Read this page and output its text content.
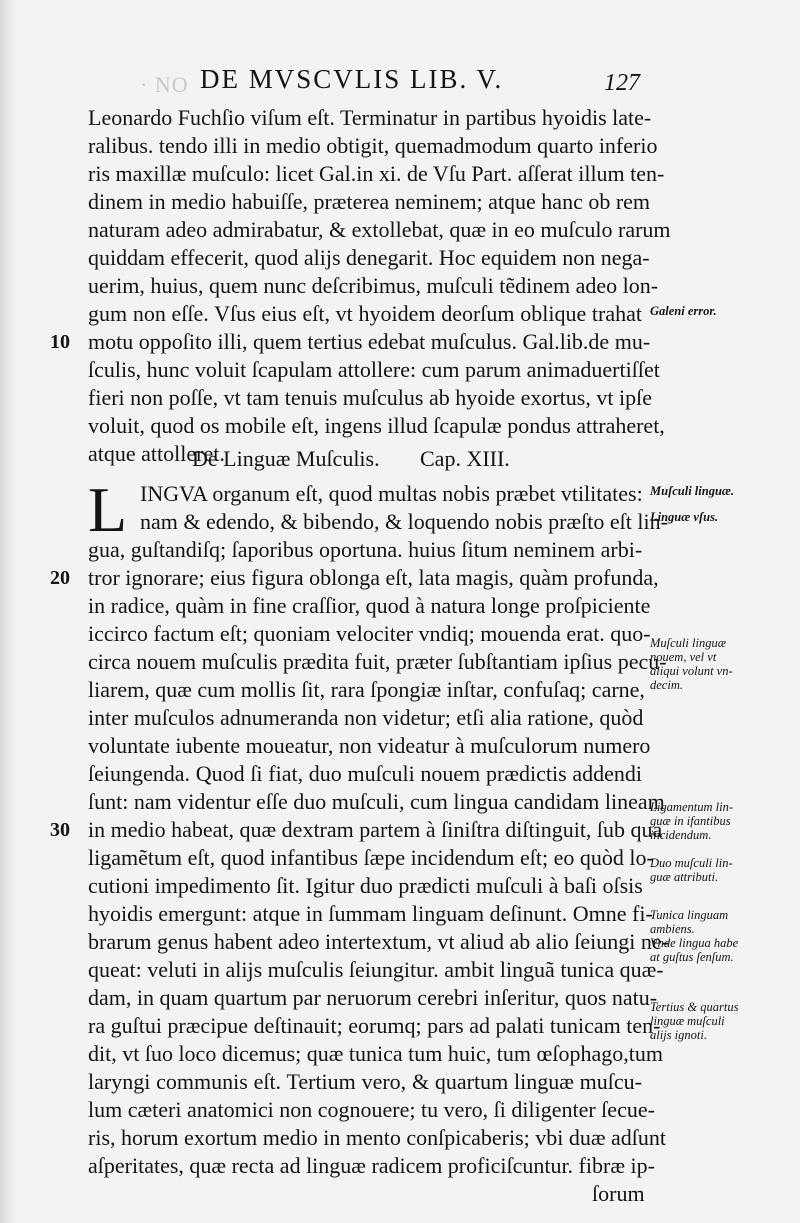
· NO DE MVSCVLIS LIB. V.	127
Leonardo Fuchſio viſum eſt. Terminatur in partibus hyoidis late-
ralibus. tendo illi in medio obtigit, quemadmodum quarto inferio
ris maxillæ muſculo: licet Gal.in xi. de Vſu Part. aſſerat illum ten-
dinem in medio habuiſſe, præterea neminem; atque hanc ob rem
naturam adeo admirabatur, & extollebat, quæ in eo muſculo rarum
quiddam effecerit, quod alijs denegarit. Hoc equidem non nega-
uerim, huius, quem nunc deſcribimus, muſculi tẽdinem adeo lon-
gum non eſſe. Vſus eius eſt, vt hyoidem deorſum oblique trahat
motu oppoſito illi, quem tertius edebat muſculus. Gal.lib.de mu-
ſculis, hunc voluit ſcapulam attollere: cum parum animaduertiſſet
fieri non poſſe, vt tam tenuis muſculus ab hyoide exortus, vt ipſe
voluit, quod os mobile eſt, ingens illud ſcapulæ pondus attraheret,
atque attolleret.
De Linguæ Muſculis. Cap. XIII.
L INGVA organum eſt, quod multas nobis præbet vtilitates:
nam & edendo, & bibendo, & loquendo nobis præſto eſt lin-
gua, guſtandiſq; ſaporibus oportuna. huius ſitum neminem arbi-
tror ignorare; eius figura oblonga eſt, lata magis, quàm profunda,
in radice, quàm in fine craſſior, quod à natura longe proſpiciente
iccirco factum eſt; quoniam velociter vndiq; mouenda erat. quo-
circa nouem muſculis prædita fuit, præter ſubſtantiam ipſius pecu-
liarem, quæ cum mollis ſit, rara ſpongiæ inſtar, confuſaq; carne,
inter muſculos adnumeranda non videtur; etſi alia ratione, quòd
voluntate iubente moueatur, non videatur à muſculorum numero
ſeiungenda. Quod ſi fiat, duo muſculi nouem prædictis addendi
ſunt: nam videntur eſſe duo muſculi, cum lingua candidam lineam
in medio habeat, quæ dextram partem à ſiniſtra diſtinguit, ſub qua
ligamẽtum eſt, quod infantibus ſæpe incidendum eſt; eo quòd lo-
cutioni impedimento ſit. Igitur duo prædicti muſculi à baſi oſsis
hyoidis emergunt: atque in ſummam linguam deſinunt. Omne fi-
brarum genus habent adeo intertextum, vt aliud ab alio ſeiungi ne-
queat: veluti in alijs muſculis ſeiungitur. ambit linguã tunica quæ-
dam, in quam quartum par neruorum cerebri inſeritur, quos natu-
ra guſtui præcipue deſtinauit; eorumq; pars ad palati tunicam ten-
dit, vt ſuo loco dicemus; quæ tunica tum huic, tum œſophago,tum
laryngi communis eſt. Tertium vero, & quartum linguæ muſcu-
lum cæteri anatomici non cognouere; tu vero, ſi diligenter ſecue-
ris, horum exortum medio in mento conſpicaberis; vbi duæ adſunt
aſperitates, quæ recta ad linguæ radicem proficiſcuntur. fibræ ip-
ſorum
10
20
30
Galeni error.
Muſculi linguæ.
Linguæ vſus.
Muſculi linguæ
nouem, vel vt
aliqui volunt vn-
decim.
Ligamentum lin-
guæ in ifantibus
incidendum.
Duo muſculi lin-
guæ attributi.
Tunica linguam
ambiens.
Vnde lingua habe
at guſtus ſenſum.
Tertius & quartus
linguæ muſculi
alijs ignoti.
